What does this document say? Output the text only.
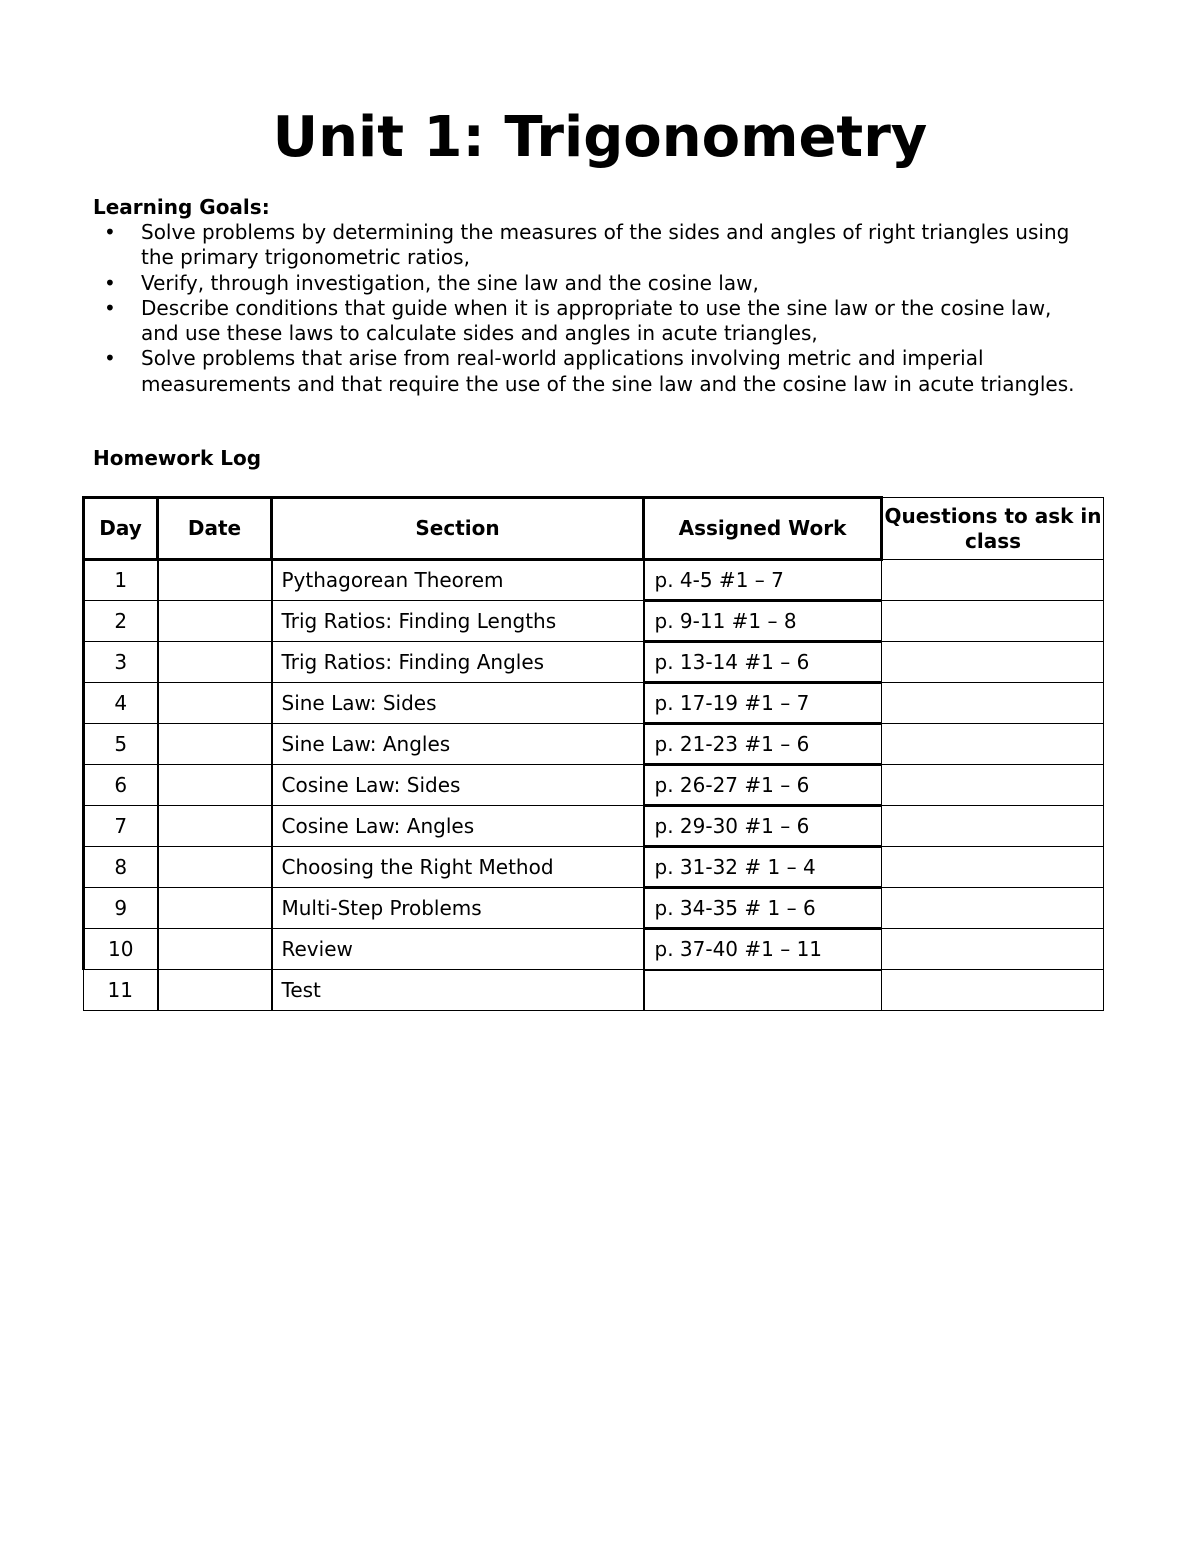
Unit 1: Trigonometry
Learning Goals:
• Solve problems by determining the measures of the sides and angles of right triangles using the primary trigonometric ratios,
• Verify, through investigation, the sine law and the cosine law,
• Describe conditions that guide when it is appropriate to use the sine law or the cosine law, and use these laws to calculate sides and angles in acute triangles,
• Solve problems that arise from real-world applications involving metric and imperial measurements and that require the use of the sine law and the cosine law in acute triangles.
Homework Log
Day	Date	Section	Assigned Work	Questions to ask in class
1		Pythagorean Theorem	p. 4-5 #1 – 7	
2		Trig Ratios: Finding Lengths	p. 9-11 #1 – 8	
3		Trig Ratios: Finding Angles	p. 13-14 #1 – 6	
4		Sine Law: Sides	p. 17-19 #1 – 7	
5		Sine Law: Angles	p. 21-23 #1 – 6	
6		Cosine Law: Sides	p. 26-27 #1 – 6	
7		Cosine Law: Angles	p. 29-30 #1 – 6	
8		Choosing the Right Method	p. 31-32 # 1 – 4	
9		Multi-Step Problems	p. 34-35 # 1 – 6	
10		Review	p. 37-40 #1 – 11	
11		Test		
